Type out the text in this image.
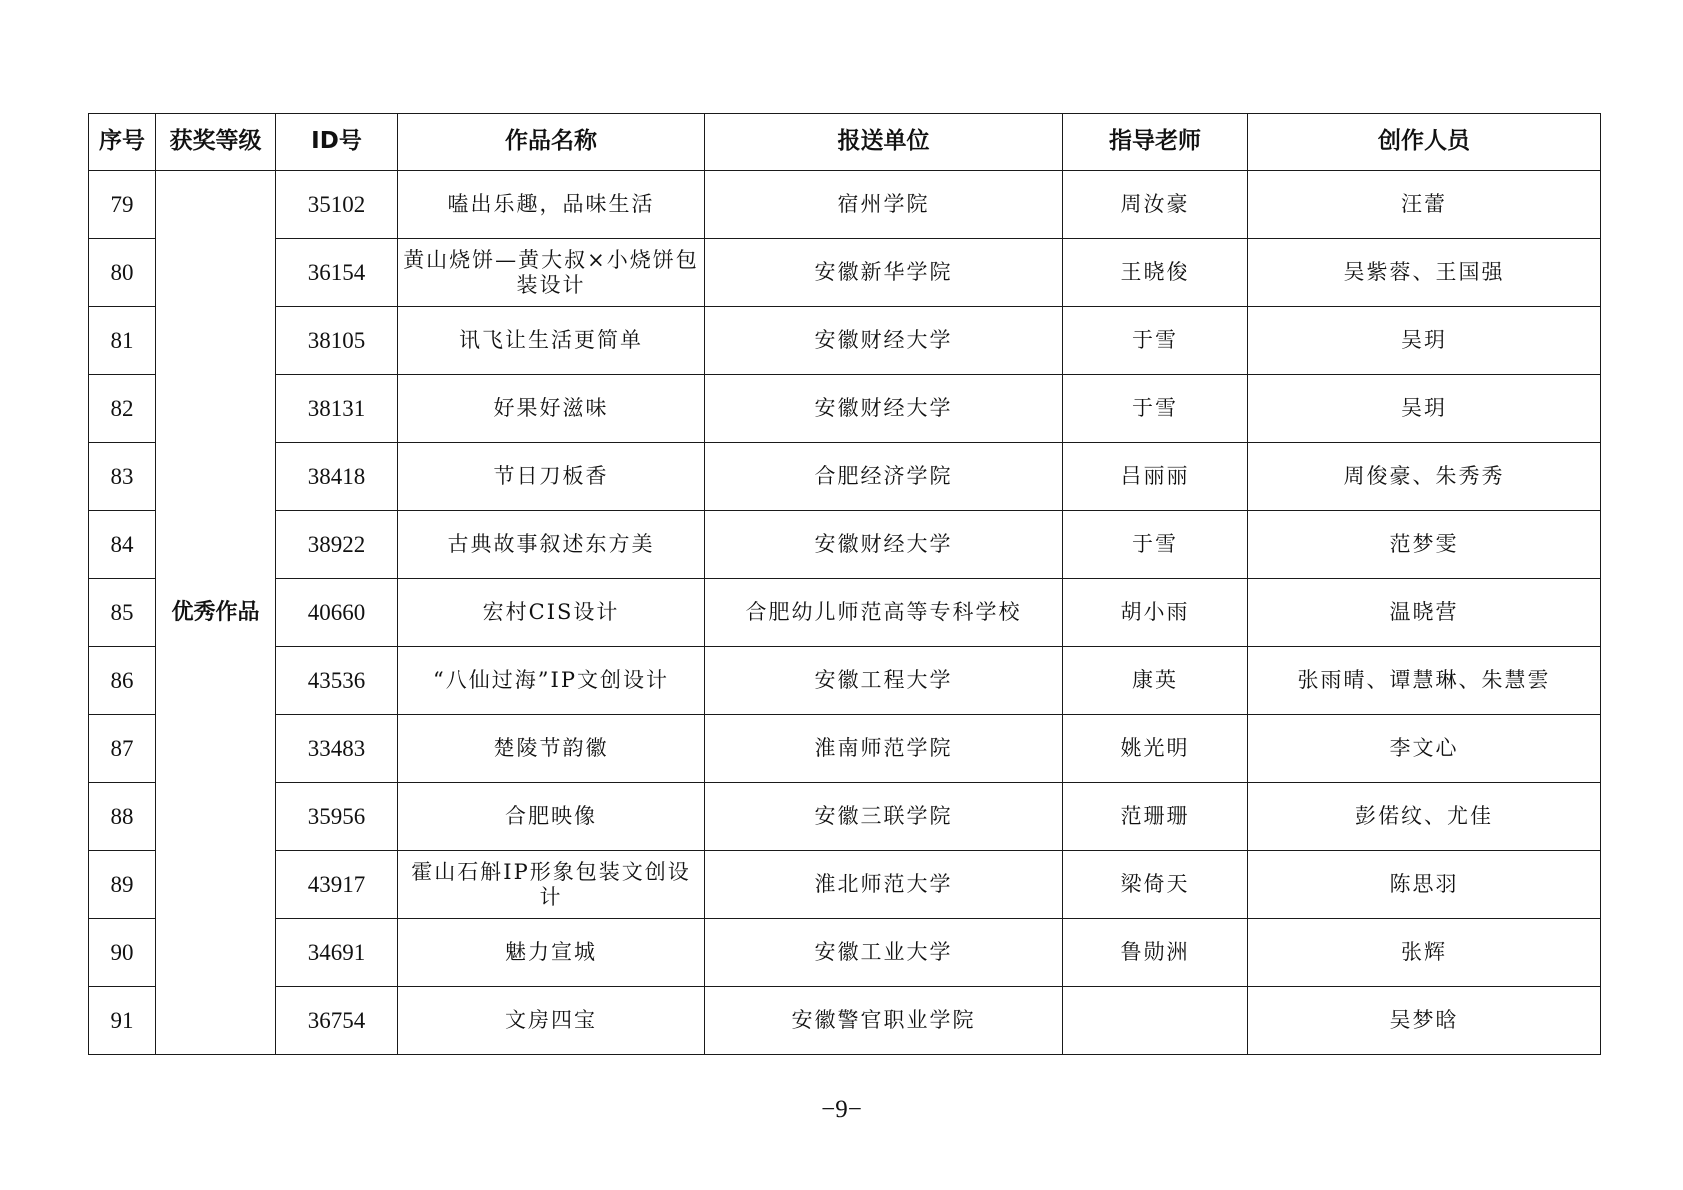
序号	获奖等级	ID号	作品名称	报送单位	指导老师	创作人员
79	优秀作品	35102	嗑出乐趣，品味生活	宿州学院	周汝豪	汪蕾
80		36154	黄山烧饼—黄大叔×小烧饼包装设计	安徽新华学院	王晓俊	吴紫蓉、王国强
81		38105	讯飞让生活更简单	安徽财经大学	于雪	吴玥
82		38131	好果好滋味	安徽财经大学	于雪	吴玥
83		38418	节日刀板香	合肥经济学院	吕丽丽	周俊豪、朱秀秀
84		38922	古典故事叙述东方美	安徽财经大学	于雪	范梦雯
85		40660	宏村CIS设计	合肥幼儿师范高等专科学校	胡小雨	温晓营
86		43536	“八仙过海”IP文创设计	安徽工程大学	康英	张雨晴、谭慧琳、朱慧雲
87		33483	楚陵节韵徽	淮南师范学院	姚光明	李文心
88		35956	合肥映像	安徽三联学院	范珊珊	彭偌纹、尤佳
89		43917	霍山石斛IP形象包装文创设计	淮北师范大学	梁倚天	陈思羽
90		34691	魅力宣城	安徽工业大学	鲁勋洲	张辉
91		36754	文房四宝	安徽警官职业学院		吴梦晗
−9−
